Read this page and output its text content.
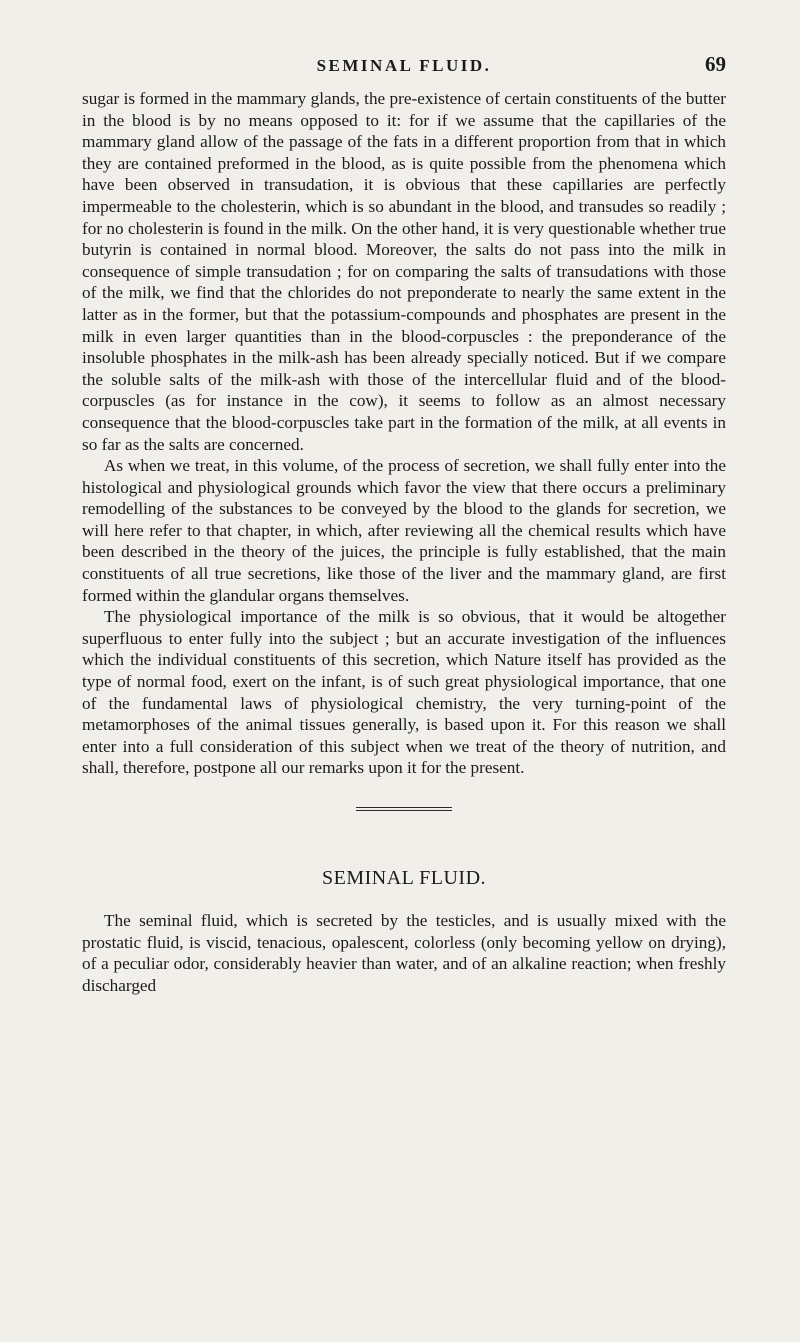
SEMINAL FLUID.	69

sugar is formed in the mammary glands, the pre-existence of certain constituents of the butter in the blood is by no means opposed to it: for if we assume that the capillaries of the mammary gland allow of the passage of the fats in a different proportion from that in which they are contained preformed in the blood, as is quite possible from the phenomena which have been observed in transudation, it is obvious that these capillaries are perfectly impermeable to the cholesterin, which is so abundant in the blood, and transudes so readily ; for no cholesterin is found in the milk. On the other hand, it is very questionable whether true butyrin is contained in normal blood. Moreover, the salts do not pass into the milk in consequence of simple transudation ; for on comparing the salts of transudations with those of the milk, we find that the chlorides do not preponderate to nearly the same extent in the latter as in the former, but that the potassium-compounds and phosphates are present in the milk in even larger quantities than in the blood-corpuscles : the preponderance of the insoluble phosphates in the milk-ash has been already specially noticed. But if we compare the soluble salts of the milk-ash with those of the intercellular fluid and of the blood-corpuscles (as for instance in the cow), it seems to follow as an almost necessary consequence that the blood-corpuscles take part in the formation of the milk, at all events in so far as the salts are concerned.

As when we treat, in this volume, of the process of secretion, we shall fully enter into the histological and physiological grounds which favor the view that there occurs a preliminary remodelling of the substances to be conveyed by the blood to the glands for secretion, we will here refer to that chapter, in which, after reviewing all the chemical results which have been described in the theory of the juices, the principle is fully established, that the main constituents of all true secretions, like those of the liver and the mammary gland, are first formed within the glandular organs themselves.

The physiological importance of the milk is so obvious, that it would be altogether superfluous to enter fully into the subject ; but an accurate investigation of the influences which the individual constituents of this secretion, which Nature itself has provided as the type of normal food, exert on the infant, is of such great physiological importance, that one of the fundamental laws of physiological chemistry, the very turning-point of the metamorphoses of the animal tissues generally, is based upon it. For this reason we shall enter into a full consideration of this subject when we treat of the theory of nutrition, and shall, therefore, postpone all our remarks upon it for the present.

SEMINAL FLUID.

The seminal fluid, which is secreted by the testicles, and is usually mixed with the prostatic fluid, is viscid, tenacious, opalescent, colorless (only becoming yellow on drying), of a peculiar odor, considerably heavier than water, and of an alkaline reaction; when freshly discharged
